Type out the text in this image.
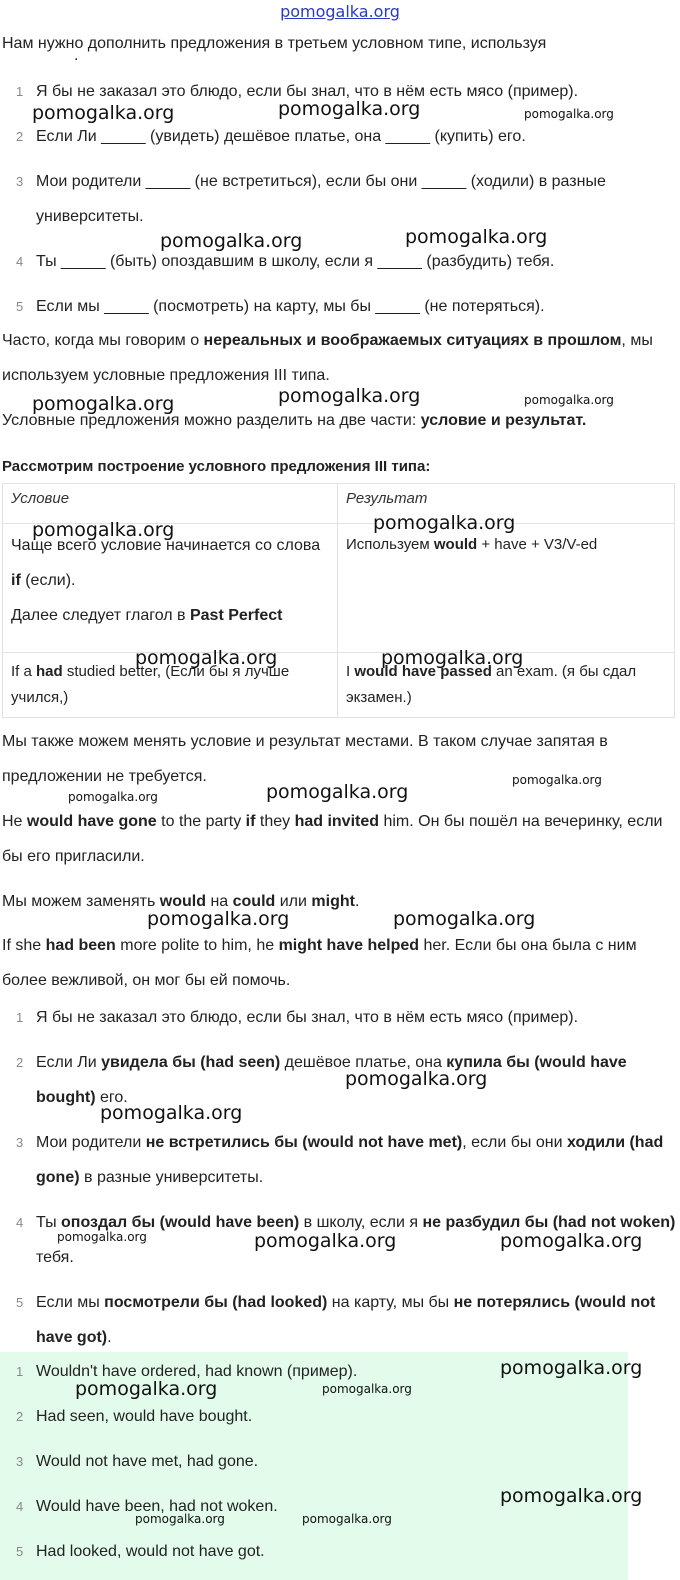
pomogalka.org
Нам нужно дополнить предложения в третьем условном типе, используя
.
1 Я бы не заказал это блюдо, если бы знал, что в нём есть мясо (пример).
2 Если Ли _____ (увидеть) дешёвое платье, она _____ (купить) его.
3 Мои родители _____ (не встретиться), если бы они _____ (ходили) в разные университеты.
4 Ты _____ (быть) опоздавшим в школу, если я _____ (разбудить) тебя.
5 Если мы _____ (посмотреть) на карту, мы бы _____ (не потеряться).
Часто, когда мы говорим о нереальных и воображаемых ситуациях в прошлом, мы используем условные предложения III типа.
Условные предложения можно разделить на две части: условие и результат.
Рассмотрим построение условного предложения III типа:
Условие	Результат
Чаще всего условие начинается со слова if (если).
Далее следует глагол в Past Perfect	Используем would + have + V3/V-ed
If a had studied better, (Если бы я лучше учился,)	I would have passed an exam. (я бы сдал экзамен.)
Мы также можем менять условие и результат местами. В таком случае запятая в предложении не требуется.
He would have gone to the party if they had invited him. Он бы пошёл на вечеринку, если бы его пригласили.
Мы можем заменять would на could или might.
If she had been more polite to him, he might have helped her. Если бы она была с ним более вежливой, он мог бы ей помочь.
1 Я бы не заказал это блюдо, если бы знал, что в нём есть мясо (пример).
2 Если Ли увидела бы (had seen) дешёвое платье, она купила бы (would have bought) его.
3 Мои родители не встретились бы (would not have met), если бы они ходили (had gone) в разные университеты.
4 Ты опоздал бы (would have been) в школу, если я не разбудил бы (had not woken) тебя.
5 Если мы посмотрели бы (had looked) на карту, мы бы не потерялись (would not have got).
1 Wouldn't have ordered, had known (пример).
2 Had seen, would have bought.
3 Would not have met, had gone.
4 Would have been, had not woken.
5 Had looked, would not have got.
pomogalka.org	pomogalka.org	pomogalka.org
pomogalka.org	pomogalka.org
pomogalka.org	pomogalka.org	pomogalka.org
pomogalka.org	pomogalka.org
pomogalka.org	pomogalka.org
pomogalka.org
pomogalka.org	pomogalka.org
pomogalka.org	pomogalka.org
pomogalka.org
pomogalka.org
pomogalka.org	pomogalka.org	pomogalka.org
pomogalka.org
pomogalka.org	pomogalka.org
pomogalka.org
pomogalka.org	pomogalka.org
